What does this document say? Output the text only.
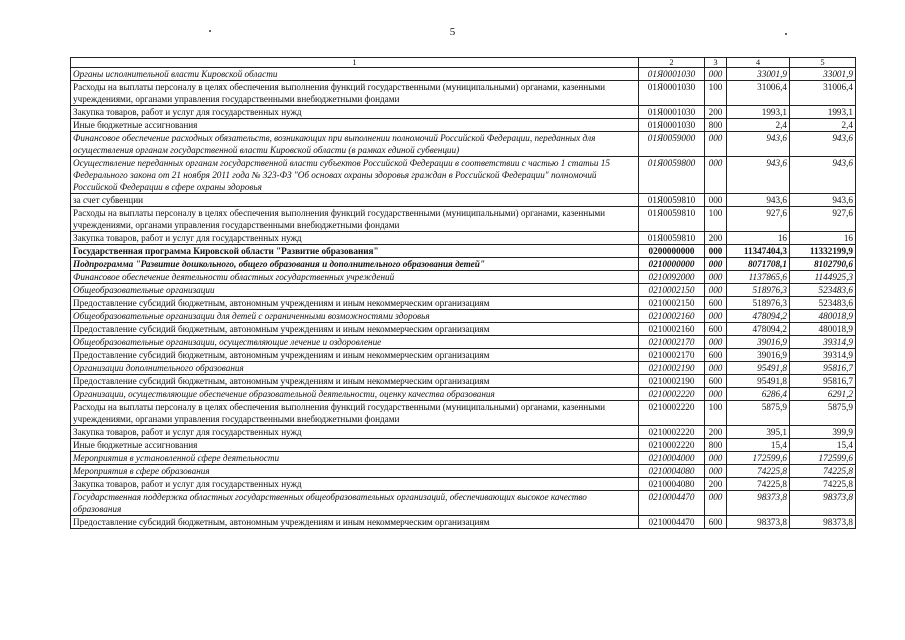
5
1	2	3	4	5
Органы исполнительной власти Кировской области	01Я0001030	000	33001,9	33001,9
Расходы на выплаты персоналу в целях обеспечения выполнения функций государственными (муниципальными) органами, казенными учреждениями, органами управления государственными внебюджетными фондами	01Я0001030	100	31006,4	31006,4
Закупка товаров, работ и услуг для государственных нужд	01Я0001030	200	1993,1	1993,1
Иные бюджетные ассигнования	01Я0001030	800	2,4	2,4
Финансовое обеспечение расходных обязательств, возникающих при выполнении полномочий Российской Федерации, переданных для осуществления органам государственной власти Кировской области (в рамках единой субвенции)	01Я0059000	000	943,6	943,6
Осуществление переданных органам государственной власти субъектов Российской Федерации в соответствии с частью 1 статьи 15 Федерального закона от 21 ноября 2011 года № 323-ФЗ "Об основах охраны здоровья граждан в Российской Федерации" полномочий Российской Федерации в сфере охраны здоровья	01Я0059800	000	943,6	943,6
за счет субвенции	01Я0059810	000	943,6	943,6
Расходы на выплаты персоналу в целях обеспечения выполнения функций государственными (муниципальными) органами, казенными учреждениями, органами управления государственными внебюджетными фондами	01Я0059810	100	927,6	927,6
Закупка товаров, работ и услуг для государственных нужд	01Я0059810	200	16	16
Государственная программа Кировской области "Развитие образования"	0200000000	000	11347404,3	11332199,9
Подпрограмма "Развитие дошкольного, общего образования и дополнительного образования детей"	0210000000	000	8071708,1	8102790,6
Финансовое обеспечение деятельности областных государственных учреждений	0210092000	000	1137865,6	1144925,3
Общеобразовательные организации	0210002150	000	518976,3	523483,6
Предоставление субсидий бюджетным, автономным учреждениям и иным некоммерческим организациям	0210002150	600	518976,3	523483,6
Общеобразовательные организации для детей с ограниченными возможностями здоровья	0210002160	000	478094,2	480018,9
Предоставление субсидий бюджетным, автономным учреждениям и иным некоммерческим организациям	0210002160	600	478094,2	480018,9
Общеобразовательные организации, осуществляющие лечение и оздоровление	0210002170	000	39016,9	39314,9
Предоставление субсидий бюджетным, автономным учреждениям и иным некоммерческим организациям	0210002170	600	39016,9	39314,9
Организации дополнительного образования	0210002190	000	95491,8	95816,7
Предоставление субсидий бюджетным, автономным учреждениям и иным некоммерческим организациям	0210002190	600	95491,8	95816,7
Организации, осуществляющие обеспечение образовательной деятельности, оценку качества образования	0210002220	000	6286,4	6291,2
Расходы на выплаты персоналу в целях обеспечения выполнения функций государственными (муниципальными) органами, казенными учреждениями, органами управления государственными внебюджетными фондами	0210002220	100	5875,9	5875,9
Закупка товаров, работ и услуг для государственных нужд	0210002220	200	395,1	399,9
Иные бюджетные ассигнования	0210002220	800	15,4	15,4
Мероприятия в установленной сфере деятельности	0210004000	000	172599,6	172599,6
Мероприятия в сфере образования	0210004080	000	74225,8	74225,8
Закупка товаров, работ и услуг для государственных нужд	0210004080	200	74225,8	74225,8
Государственная поддержка областных государственных общеобразовательных организаций, обеспечивающих высокое качество образования	0210004470	000	98373,8	98373,8
Предоставление субсидий бюджетным, автономным учреждениям и иным некоммерческим организациям	0210004470	600	98373,8	98373,8
